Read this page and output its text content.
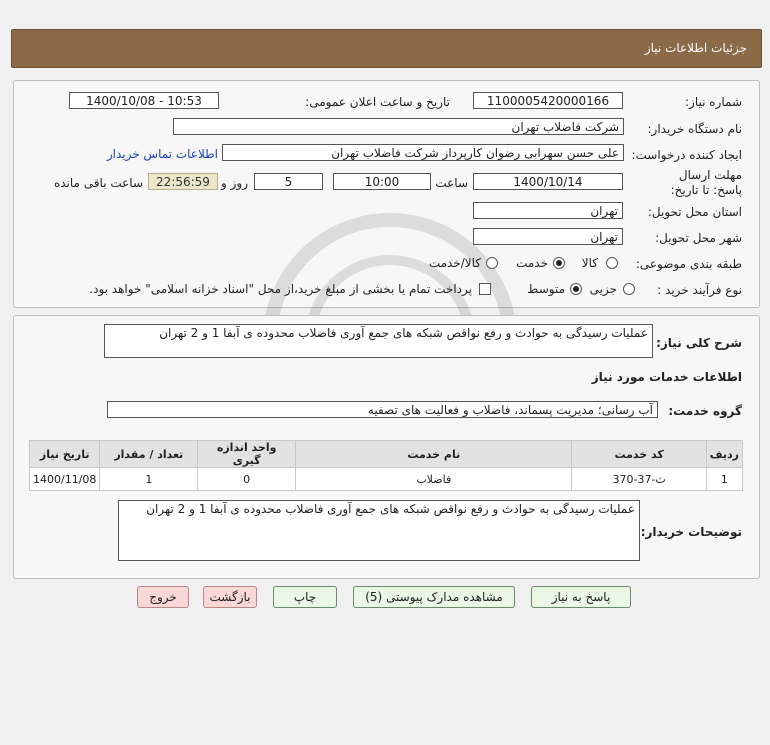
جزئیات اطلاعات نیاز
شماره نیاز:
1100005420000166
تاریخ و ساعت اعلان عمومی:
1400/10/08 - 10:53
نام دستگاه خریدار:
شرکت فاضلاب تهران
ایجاد کننده درخواست:
علی حسن سهرابی رضوان کارپرداز شرکت فاضلاب تهران
اطلاعات تماس خریدار
مهلت ارسال پاسخ: تا تاریخ:
1400/10/14
ساعت
10:00
5
روز و
22:56:59
ساعت باقی مانده
استان محل تحویل:
تهران
شهر محل تحویل:
تهران
طبقه بندی موضوعی:
کالا
خدمت
کالا/خدمت
نوع فرآیند خرید :
جزیی
متوسط
پرداخت تمام یا بخشی از مبلغ خرید،از محل "اسناد خزانه اسلامی" خواهد بود.
شرح کلی نیاز:
عملیات رسیدگی به حوادث و رفع نواقص شبکه های جمع آوری فاضلاب محدوده ی آبفا 1 و 2 تهران
اطلاعات خدمات مورد نیاز
گروه خدمت:
آب رسانی؛ مدیریت پسماند، فاضلاب و فعالیت های تصفیه
ردیف	کد خدمت	نام خدمت	واحد اندازه گیری	تعداد / مقدار	تاریخ نیاز
1	ث-37-370	فاضلاب	0	1	1400/11/08
توضیحات خریدار:
عملیات رسیدگی به حوادث و رفع نواقص شبکه های جمع آوری فاضلاب محدوده ی آبفا 1 و 2 تهران
پاسخ به نیاز
مشاهده مدارک پیوستی (5)
چاپ
بازگشت
خروج
